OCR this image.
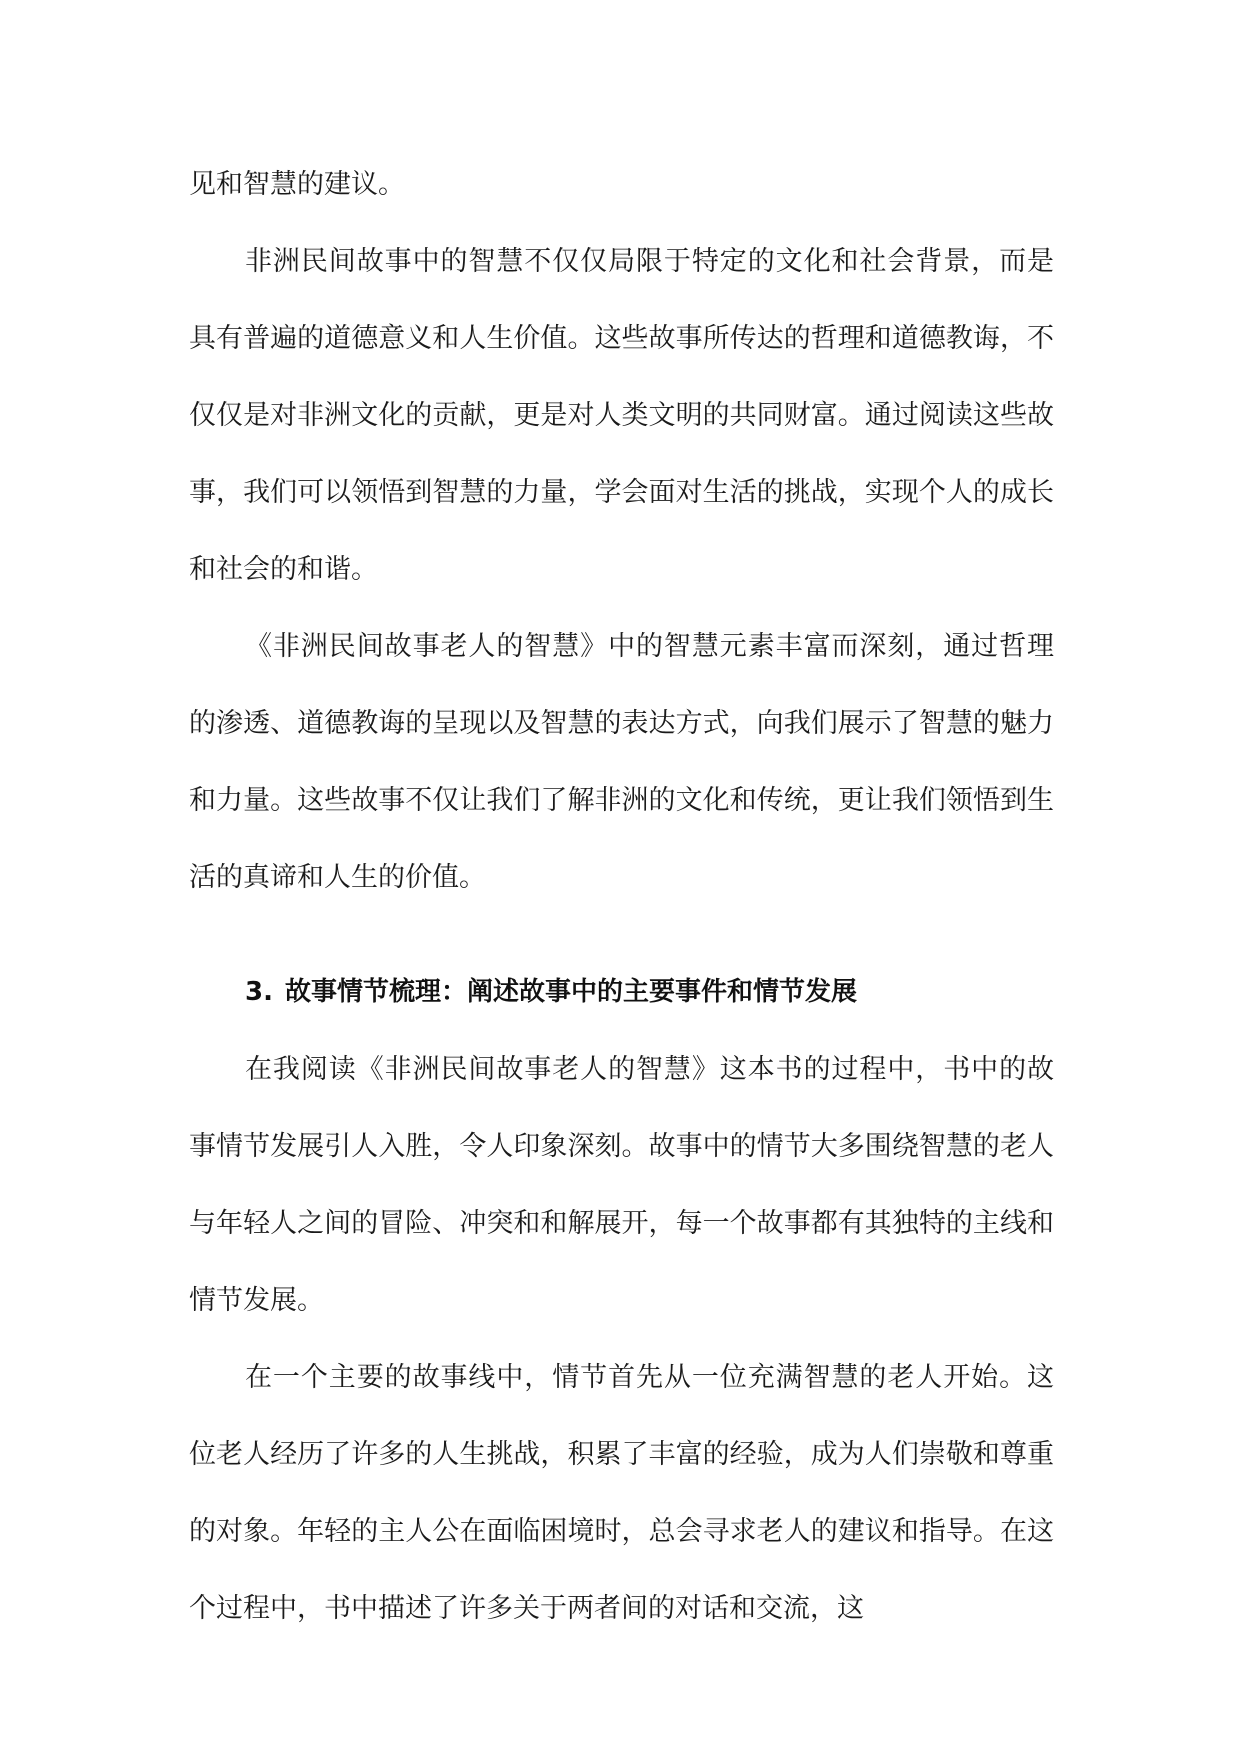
见和智慧的建议。

非洲民间故事中的智慧不仅仅局限于特定的文化和社会背景，而是具有普遍的道德意义和人生价值。这些故事所传达的哲理和道德教诲，不仅仅是对非洲文化的贡献，更是对人类文明的共同财富。通过阅读这些故事，我们可以领悟到智慧的力量，学会面对生活的挑战，实现个人的成长和社会的和谐。

《非洲民间故事老人的智慧》中的智慧元素丰富而深刻，通过哲理的渗透、道德教诲的呈现以及智慧的表达方式，向我们展示了智慧的魅力和力量。这些故事不仅让我们了解非洲的文化和传统，更让我们领悟到生活的真谛和人生的价值。

3. 故事情节梳理：阐述故事中的主要事件和情节发展

在我阅读《非洲民间故事老人的智慧》这本书的过程中，书中的故事情节发展引人入胜，令人印象深刻。故事中的情节大多围绕智慧的老人与年轻人之间的冒险、冲突和和解展开，每一个故事都有其独特的主线和情节发展。

在一个主要的故事线中，情节首先从一位充满智慧的老人开始。这位老人经历了许多的人生挑战，积累了丰富的经验，成为人们崇敬和尊重的对象。年轻的主人公在面临困境时，总会寻求老人的建议和指导。在这个过程中，书中描述了许多关于两者间的对话和交流，这
